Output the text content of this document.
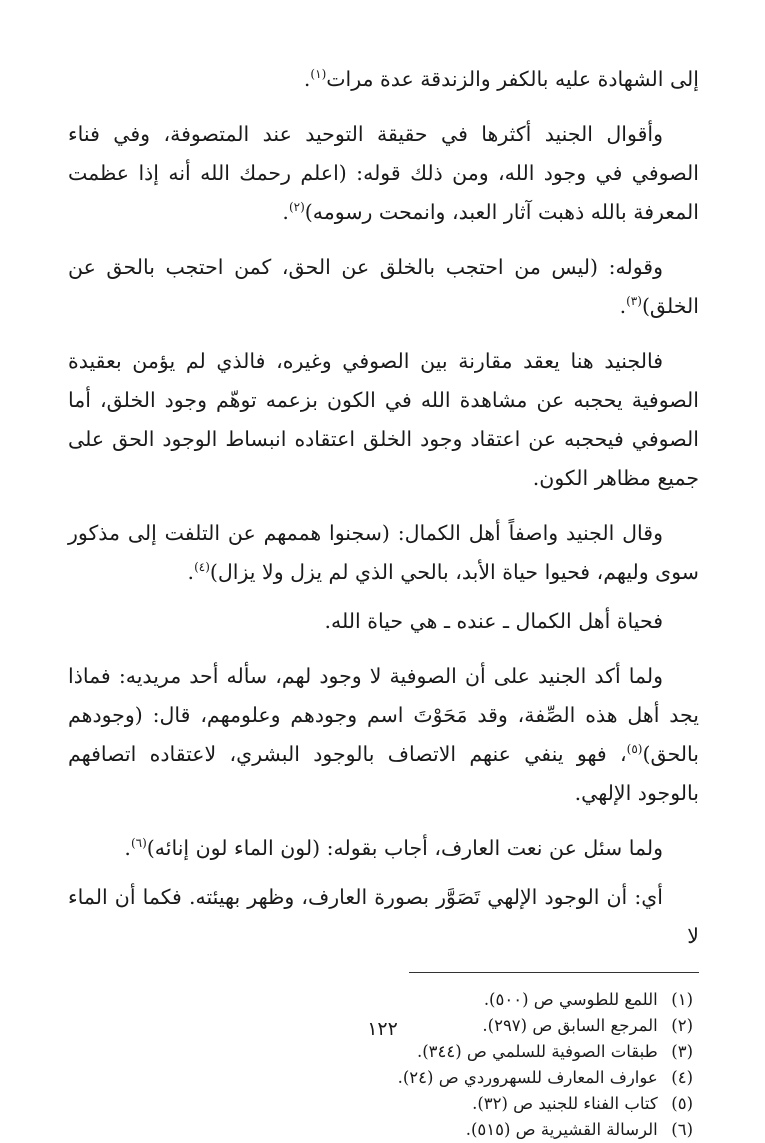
إلى الشهادة عليه بالكفر والزندقة عدة مرات$^{(١)}$.

وأقوال الجنيد أكثرها في حقيقة التوحيد عند المتصوفة، وفي فناء الصوفي في وجود الله، ومن ذلك قوله: (اعلم رحمك الله أنه إذا عظمت المعرفة بالله ذهبت آثار العبد، وانمحت رسومه)$^{(٢)}$.

وقوله: (ليس من احتجب بالخلق عن الحق، كمن احتجب بالحق عن الخلق)$^{(٣)}$.

فالجنيد هنا يعقد مقارنة بين الصوفي وغيره، فالذي لم يؤمن بعقيدة الصوفية يحجبه عن مشاهدة الله في الكون بزعمه توهّم وجود الخلق، أما الصوفي فيحجبه عن اعتقاد وجود الخلق اعتقاده انبساط الوجود الحق على جميع مظاهر الكون.

وقال الجنيد واصفاً أهل الكمال: (سجنوا هممهم عن التلفت إلى مذكور سوى وليهم، فحيوا حياة الأبد، بالحي الذي لم يزل ولا يزال)$^{(٤)}$.

فحياة أهل الكمال ـ عنده ـ هي حياة الله.

ولما أكد الجنيد على أن الصوفية لا وجود لهم، سأله أحد مريديه: فماذا يجد أهل هذه الصِّفة، وقد مَحَوْتَ اسم وجودهم وعلومهم، قال: (وجودهم بالحق)$^{(٥)}$، فهو ينفي عنهم الاتصاف بالوجود البشري، لاعتقاده اتصافهم بالوجود الإلهي.

ولما سئل عن نعت العارف، أجاب بقوله: (لون الماء لون إنائه)$^{(٦)}$.

أي: أن الوجود الإلهي تَصَوَّر بصورة العارف، وظهر بهيئته. فكما أن الماء لا

(١) اللمع للطوسي ص (٥٠٠).
(٢) المرجع السابق ص (٢٩٧).
(٣) طبقات الصوفية للسلمي ص (٣٤٤).
(٤) عوارف المعارف للسهروردي ص (٢٤).
(٥) كتاب الفناء للجنيد ص (٣٢).
(٦) الرسالة القشيرية ص (٥١٥).
١٢٢
